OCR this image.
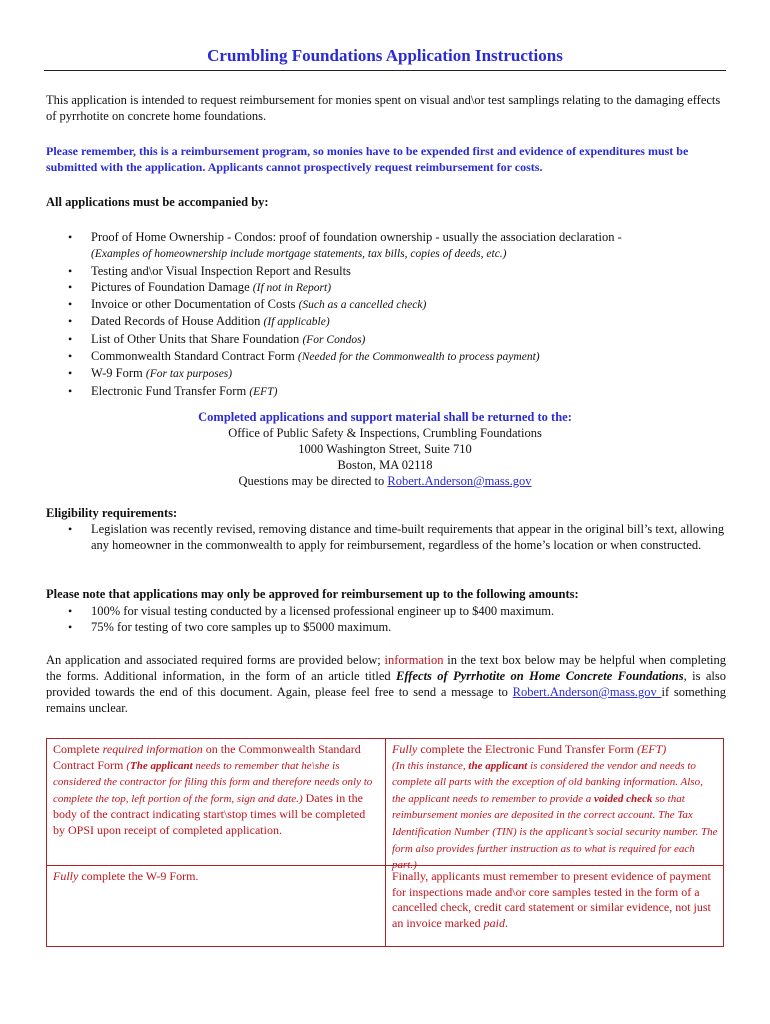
Crumbling Foundations Application Instructions
This application is intended to request reimbursement for monies spent on visual and\or test samplings relating to the damaging effects of pyrrhotite on concrete home foundations.
Please remember, this is a reimbursement program, so monies have to be expended first and evidence of expenditures must be submitted with the application. Applicants cannot prospectively request reimbursement for costs.
All applications must be accompanied by:
• Proof of Home Ownership - Condos: proof of foundation ownership - usually the association declaration -
(Examples of homeownership include mortgage statements, tax bills, copies of deeds, etc.)
• Testing and\or Visual Inspection Report and Results
• Pictures of Foundation Damage (If not in Report)
• Invoice or other Documentation of Costs (Such as a cancelled check)
• Dated Records of House Addition (If applicable)
• List of Other Units that Share Foundation (For Condos)
• Commonwealth Standard Contract Form (Needed for the Commonwealth to process payment)
• W-9 Form (For tax purposes)
• Electronic Fund Transfer Form (EFT)
Completed applications and support material shall be returned to the:
Office of Public Safety & Inspections, Crumbling Foundations
1000 Washington Street, Suite 710
Boston, MA 02118
Questions may be directed to Robert.Anderson@mass.gov
Eligibility requirements:
• Legislation was recently revised, removing distance and time-built requirements that appear in the original bill’s text, allowing any homeowner in the commonwealth to apply for reimbursement, regardless of the home’s location or when constructed.
Please note that applications may only be approved for reimbursement up to the following amounts:
• 100% for visual testing conducted by a licensed professional engineer up to $400 maximum.
• 75% for testing of two core samples up to $5000 maximum.
An application and associated required forms are provided below; information in the text box below may be helpful when completing the forms. Additional information, in the form of an article titled Effects of Pyrrhotite on Home Concrete Foundations, is also provided towards the end of this document. Again, please feel free to send a message to Robert.Anderson@mass.gov if something remains unclear.
Complete required information on the Commonwealth Standard Contract Form (The applicant needs to remember that he\she is considered the contractor for filing this form and therefore needs only to complete the top, left portion of the form, sign and date.) Dates in the body of the contract indicating start\stop times will be completed by OPSI upon receipt of completed application.
Fully complete the Electronic Fund Transfer Form (EFT)
(In this instance, the applicant is considered the vendor and needs to complete all parts with the exception of old banking information. Also, the applicant needs to remember to provide a voided check so that reimbursement monies are deposited in the correct account. The Tax Identification Number (TIN) is the applicant’s social security number. The form also provides further instruction as to what is required for each part.)
Fully complete the W-9 Form.	Finally, applicants must remember to present evidence of payment for inspections made and\or core samples tested in the form of a cancelled check, credit card statement or similar evidence, not just an invoice marked paid.
